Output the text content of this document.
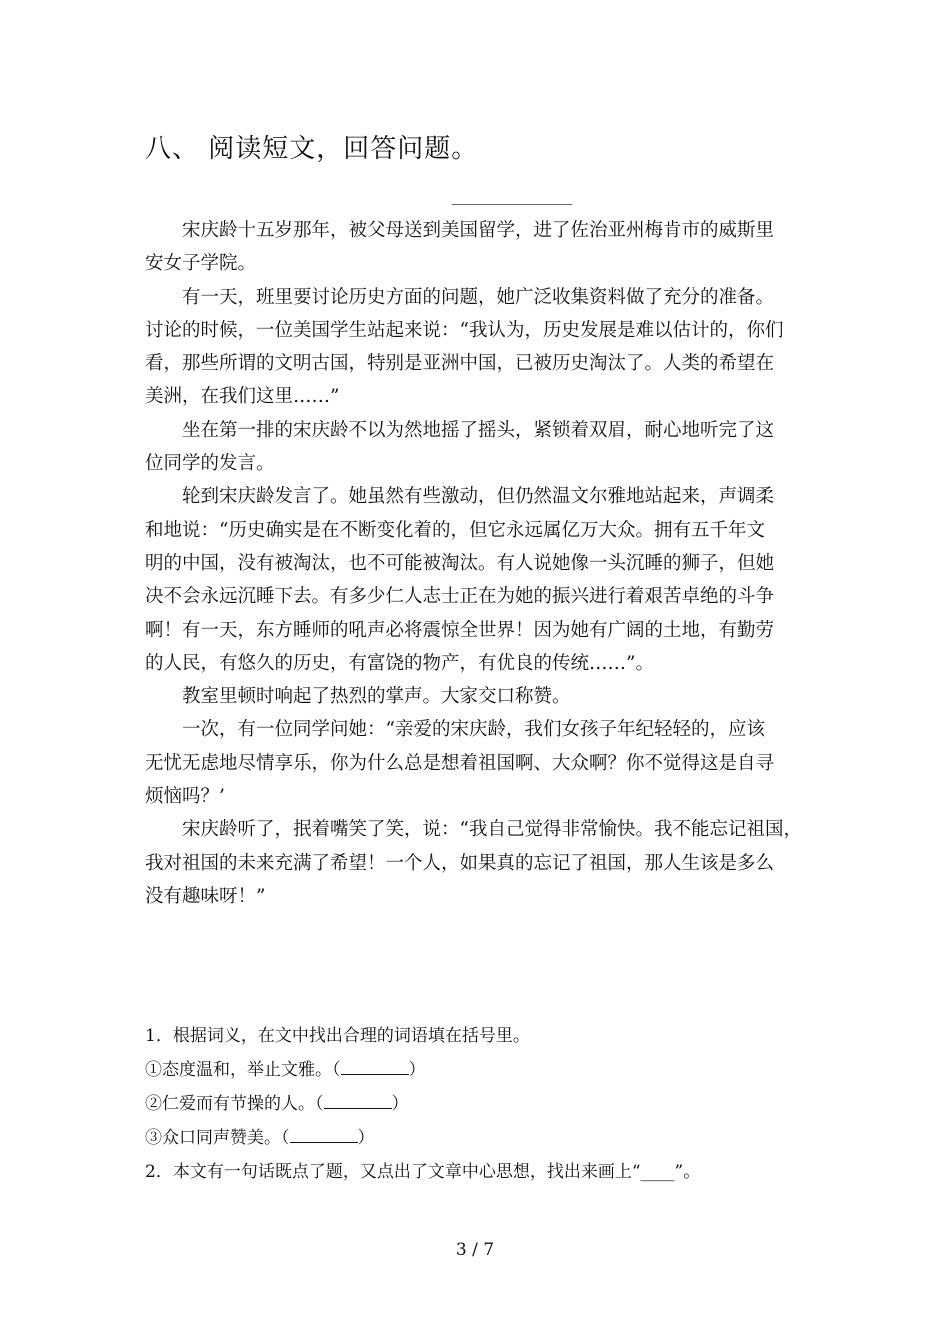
八、 阅读短文，回答问题。
　　宋庆龄十五岁那年，被父母送到美国留学，进了佐治亚州梅肯市的威斯里
安女子学院。
　　有一天，班里要讨论历史方面的问题，她广泛收集资料做了充分的准备。
讨论的时候，一位美国学生站起来说：“我认为，历史发展是难以估计的，你们
看，那些所谓的文明古国，特别是亚洲中国，已被历史淘汰了。人类的希望在
美洲，在我们这里……”
　　坐在第一排的宋庆龄不以为然地摇了摇头，紧锁着双眉，耐心地听完了这
位同学的发言。
　　轮到宋庆龄发言了。她虽然有些激动，但仍然温文尔雅地站起来，声调柔
和地说：“历史确实是在不断变化着的，但它永远属亿万大众。拥有五千年文
明的中国，没有被淘汰，也不可能被淘汰。有人说她像一头沉睡的狮子，但她
决不会永远沉睡下去。有多少仁人志士正在为她的振兴进行着艰苦卓绝的斗争
啊！有一天，东方睡师的吼声必将震惊全世界！因为她有广阔的土地，有勤劳
的人民，有悠久的历史，有富饶的物产，有优良的传统……”。
　　教室里顿时响起了热烈的掌声。大家交口称赞。
　　一次，有一位同学问她：“亲爱的宋庆龄，我们女孩子年纪轻轻的，应该
无忧无虑地尽情享乐，你为什么总是想着祖国啊、大众啊？你不觉得这是自寻
烦恼吗？’
　　宋庆龄听了，抿着嘴笑了笑，说：“我自己觉得非常愉快。我不能忘记祖国，
我对祖国的未来充满了希望！一个人，如果真的忘记了祖国，那人生该是多么
没有趣味呀！”
1．根据词义，在文中找出合理的词语填在括号里。
①态度温和，举止文雅。（	）
②仁爱而有节操的人。（	）
③众口同声赞美。（	）
2．本文有一句话既点了题，又点出了文章中心思想，找出来画上“____”。
3 / 7
